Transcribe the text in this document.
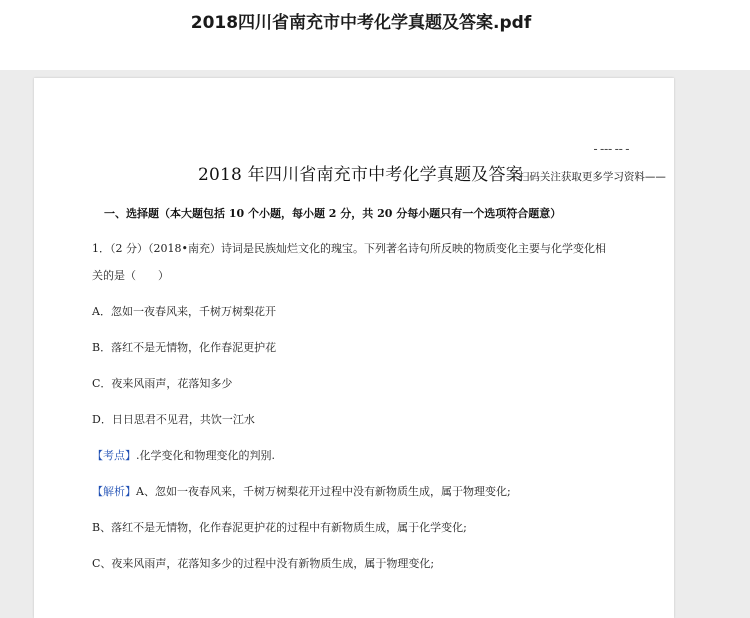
2018四川省南充市中考化学真题及答案.pdf
━ ━━━ ━━ ━
2018 年四川省南充市中考化学真题及答案扫码关注获取更多学习资料——
一、选择题（本大题包括 10 个小题，每小题 2 分，共 20 分每小题只有一个选项符合题意）
1．（2 分）（2018•南充）诗词是民族灿烂文化的瑰宝。下列著名诗句所反映的物质变化主要与化学变化相
关的是（　　）
A．忽如一夜春风来，千树万树梨花开
B．落红不是无情物，化作春泥更护花
C．夜来风雨声，花落知多少
D．日日思君不见君，共饮一江水
【考点】.化学变化和物理变化的判别.
【解析】A、忽如一夜春风来，千树万树梨花开过程中没有新物质生成，属于物理变化;
B、落红不是无情物，化作春泥更护花的过程中有新物质生成，属于化学变化;
C、夜来风雨声，花落知多少的过程中没有新物质生成，属于物理变化;
